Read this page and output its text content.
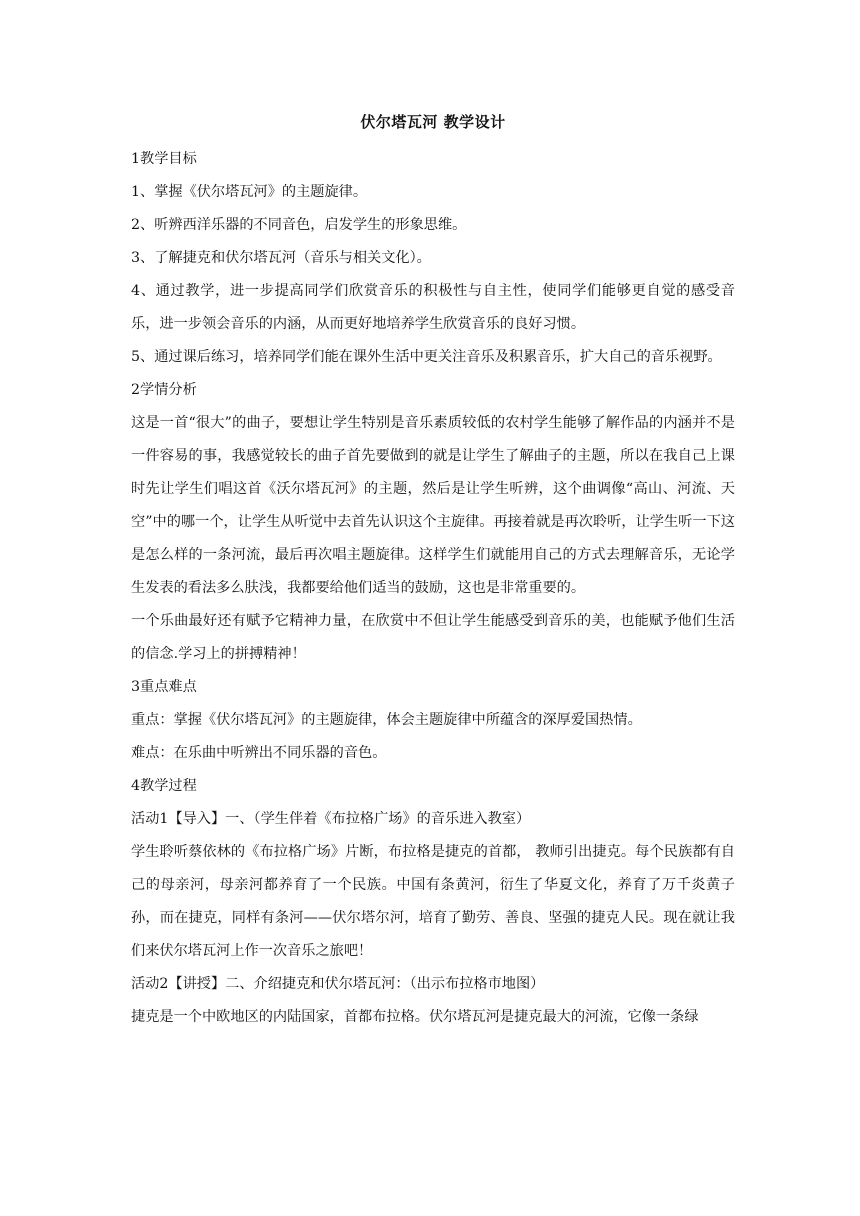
伏尔塔瓦河 教学设计

1教学目标

1、掌握《伏尔塔瓦河》的主题旋律。

2、听辨西洋乐器的不同音色，启发学生的形象思维。

3、了解捷克和伏尔塔瓦河（音乐与相关文化）。

4、通过教学，进一步提高同学们欣赏音乐的积极性与自主性，使同学们能够更自觉的感受音乐，进一步领会音乐的内涵，从而更好地培养学生欣赏音乐的良好习惯。

5、通过课后练习，培养同学们能在课外生活中更关注音乐及积累音乐，扩大自己的音乐视野。

2学情分析

这是一首“很大”的曲子，要想让学生特别是音乐素质较低的农村学生能够了解作品的内涵并不是一件容易的事，我感觉较长的曲子首先要做到的就是让学生了解曲子的主题，所以在我自己上课时先让学生们唱这首《沃尔塔瓦河》的主题，然后是让学生听辨，这个曲调像“高山、河流、天空”中的哪一个，让学生从听觉中去首先认识这个主旋律。再接着就是再次聆听，让学生听一下这是怎么样的一条河流，最后再次唱主题旋律。这样学生们就能用自己的方式去理解音乐，无论学生发表的看法多么肤浅，我都要给他们适当的鼓励，这也是非常重要的。

一个乐曲最好还有赋予它精神力量，在欣赏中不但让学生能感受到音乐的美，也能赋予他们生活的信念.学习上的拼搏精神！

3重点难点

重点：掌握《伏尔塔瓦河》的主题旋律，体会主题旋律中所蕴含的深厚爱国热情。

难点：在乐曲中听辨出不同乐器的音色。

4教学过程

活动1【导入】一、（学生伴着《布拉格广场》的音乐进入教室）

学生聆听蔡依林的《布拉格广场》片断，布拉格是捷克的首都， 教师引出捷克。每个民族都有自己的母亲河，母亲河都养育了一个民族。中国有条黄河，衍生了华夏文化，养育了万千炎黄子孙，而在捷克，同样有条河——伏尔塔尔河，培育了勤劳、善良、坚强的捷克人民。现在就让我们来伏尔塔瓦河上作一次音乐之旅吧！

活动2【讲授】二、介绍捷克和伏尔塔瓦河：（出示布拉格市地图）

捷克是一个中欧地区的内陆国家，首都布拉格。伏尔塔瓦河是捷克最大的河流，它像一条绿
